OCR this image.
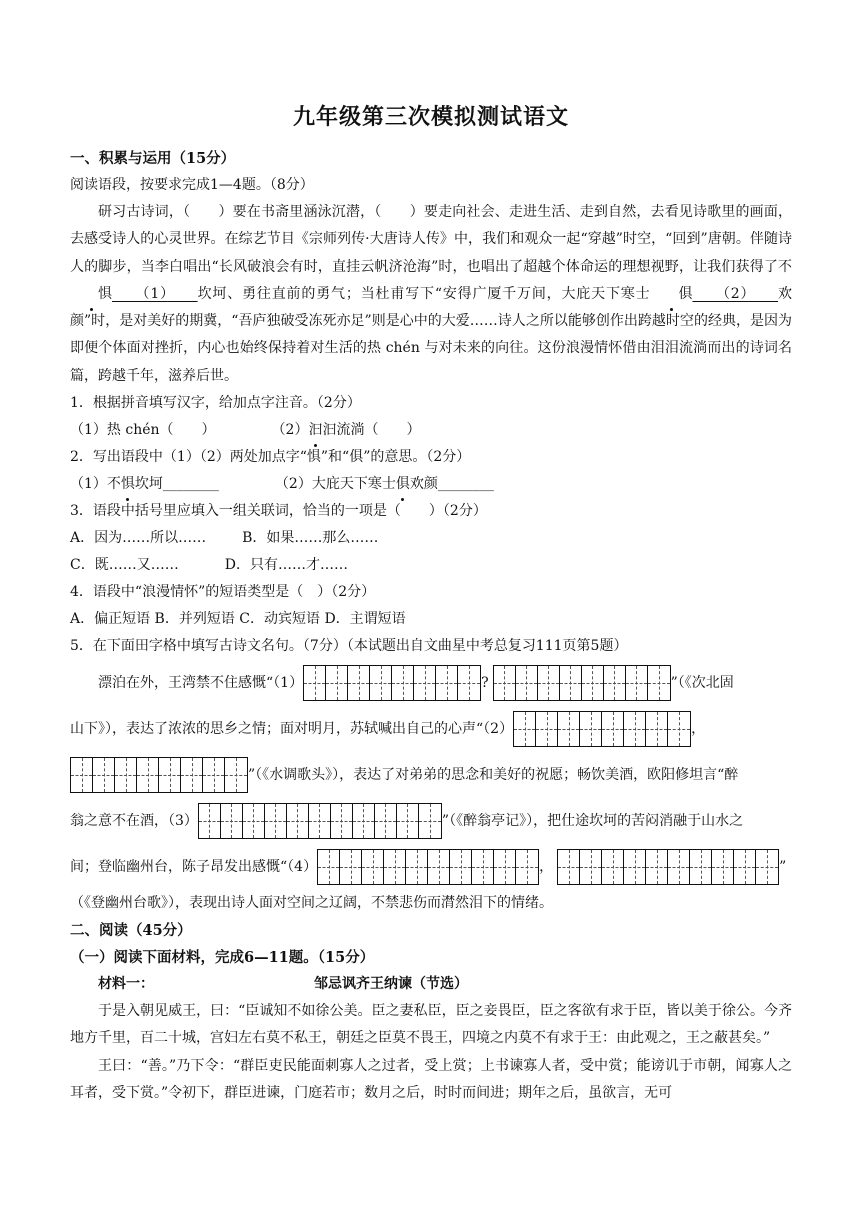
九年级第三次模拟测试语文
一、积累与运用（15分）

阅读语段，按要求完成1—4题。（8分）

研习古诗词，（　　）要在书斋里涵泳沉潜，（　　）要走向社会、走进生活、走到自然，去看见诗歌里的画面，去感受诗人的心灵世界。在综艺节目《宗师列传·大唐诗人传》中，我们和观众一起“穿越”时空，“回到”唐朝。伴随诗人的脚步，当李白唱出“长风破浪会有时，直挂云帆济沧海”时，也唱出了超越个体命运的理想视野，让我们获得了不惧　　 （1）　　 坎坷、勇往直前的勇气；当杜甫写下“安得广厦千万间，大庇天下寒士 俱　　 （2）　　 欢颜”时，是对美好的期冀，“吾庐独破受冻死亦足”则是心中的大爱……诗人之所以能够创作出跨越时空的经典，是因为即便个体面对挫折，内心也始终保持着对生活的热 chén 与对未来的向往。这份浪漫情怀借由泪泪流淌而出的诗词名篇，跨越千年，滋养后世。

1．根据拼音填写汉字，给加点字注音。（2分）

（1）热 chén（　　）	（2）汩汩流淌（　　）

2．写出语段中（1）（2）两处加点字“惧”和“俱”的意思。（2分）

（1）不惧坎坷________	（2）大庇天下寒士俱欢颜________

3．语段中括号里应填入一组关联词，恰当的一项是（　　）（2分）

A．因为……所以……	B．如果……那么……

C．既……又……	D．只有……才……

4．语段中“浪漫情怀”的短语类型是（　）（2分）

A．偏正短语 B．并列短语 C．动宾短语 D．主谓短语

5．在下面田字格中填写古诗文名句。（7分）（本试题出自文曲星中考总复习111页第5题）

漂泊在外，王湾禁不住感慨“（1）	?	”（《次北固

山下》），表达了浓浓的思乡之情；面对明月，苏轼喊出自己的心声“（2）	，

”（《水调歌头》），表达了对弟弟的思念和美好的祝愿；畅饮美酒，欧阳修坦言“醉

翁之意不在酒，（3）	”（《醉翁亭记》），把仕途坎坷的苦闷消融于山水之

间；登临幽州台，陈子昂发出感慨“（4）	，	”

（《登幽州台歌》），表现出诗人面对空间之辽阔，不禁悲伤而潸然泪下的情绪。

二、阅读（45分）
（一）阅读下面材料，完成6—11题。（15分）
材料一：	邹忌讽齐王纳谏（节选）

于是入朝见威王，曰：“臣诚知不如徐公美。臣之妻私臣，臣之妾畏臣，臣之客欲有求于臣，皆以美于徐公。今齐地方千里，百二十城，宫妇左右莫不私王，朝廷之臣莫不畏王，四境之内莫不有求于王：由此观之，王之蔽甚矣。”

王曰：“善。”乃下令：“群臣吏民能面刺寡人之过者，受上赏；上书谏寡人者，受中赏；能谤讥于市朝，闻寡人之耳者，受下赏。”令初下，群臣进谏，门庭若市；数月之后，时时而间进；期年之后，虽欲言，无可
